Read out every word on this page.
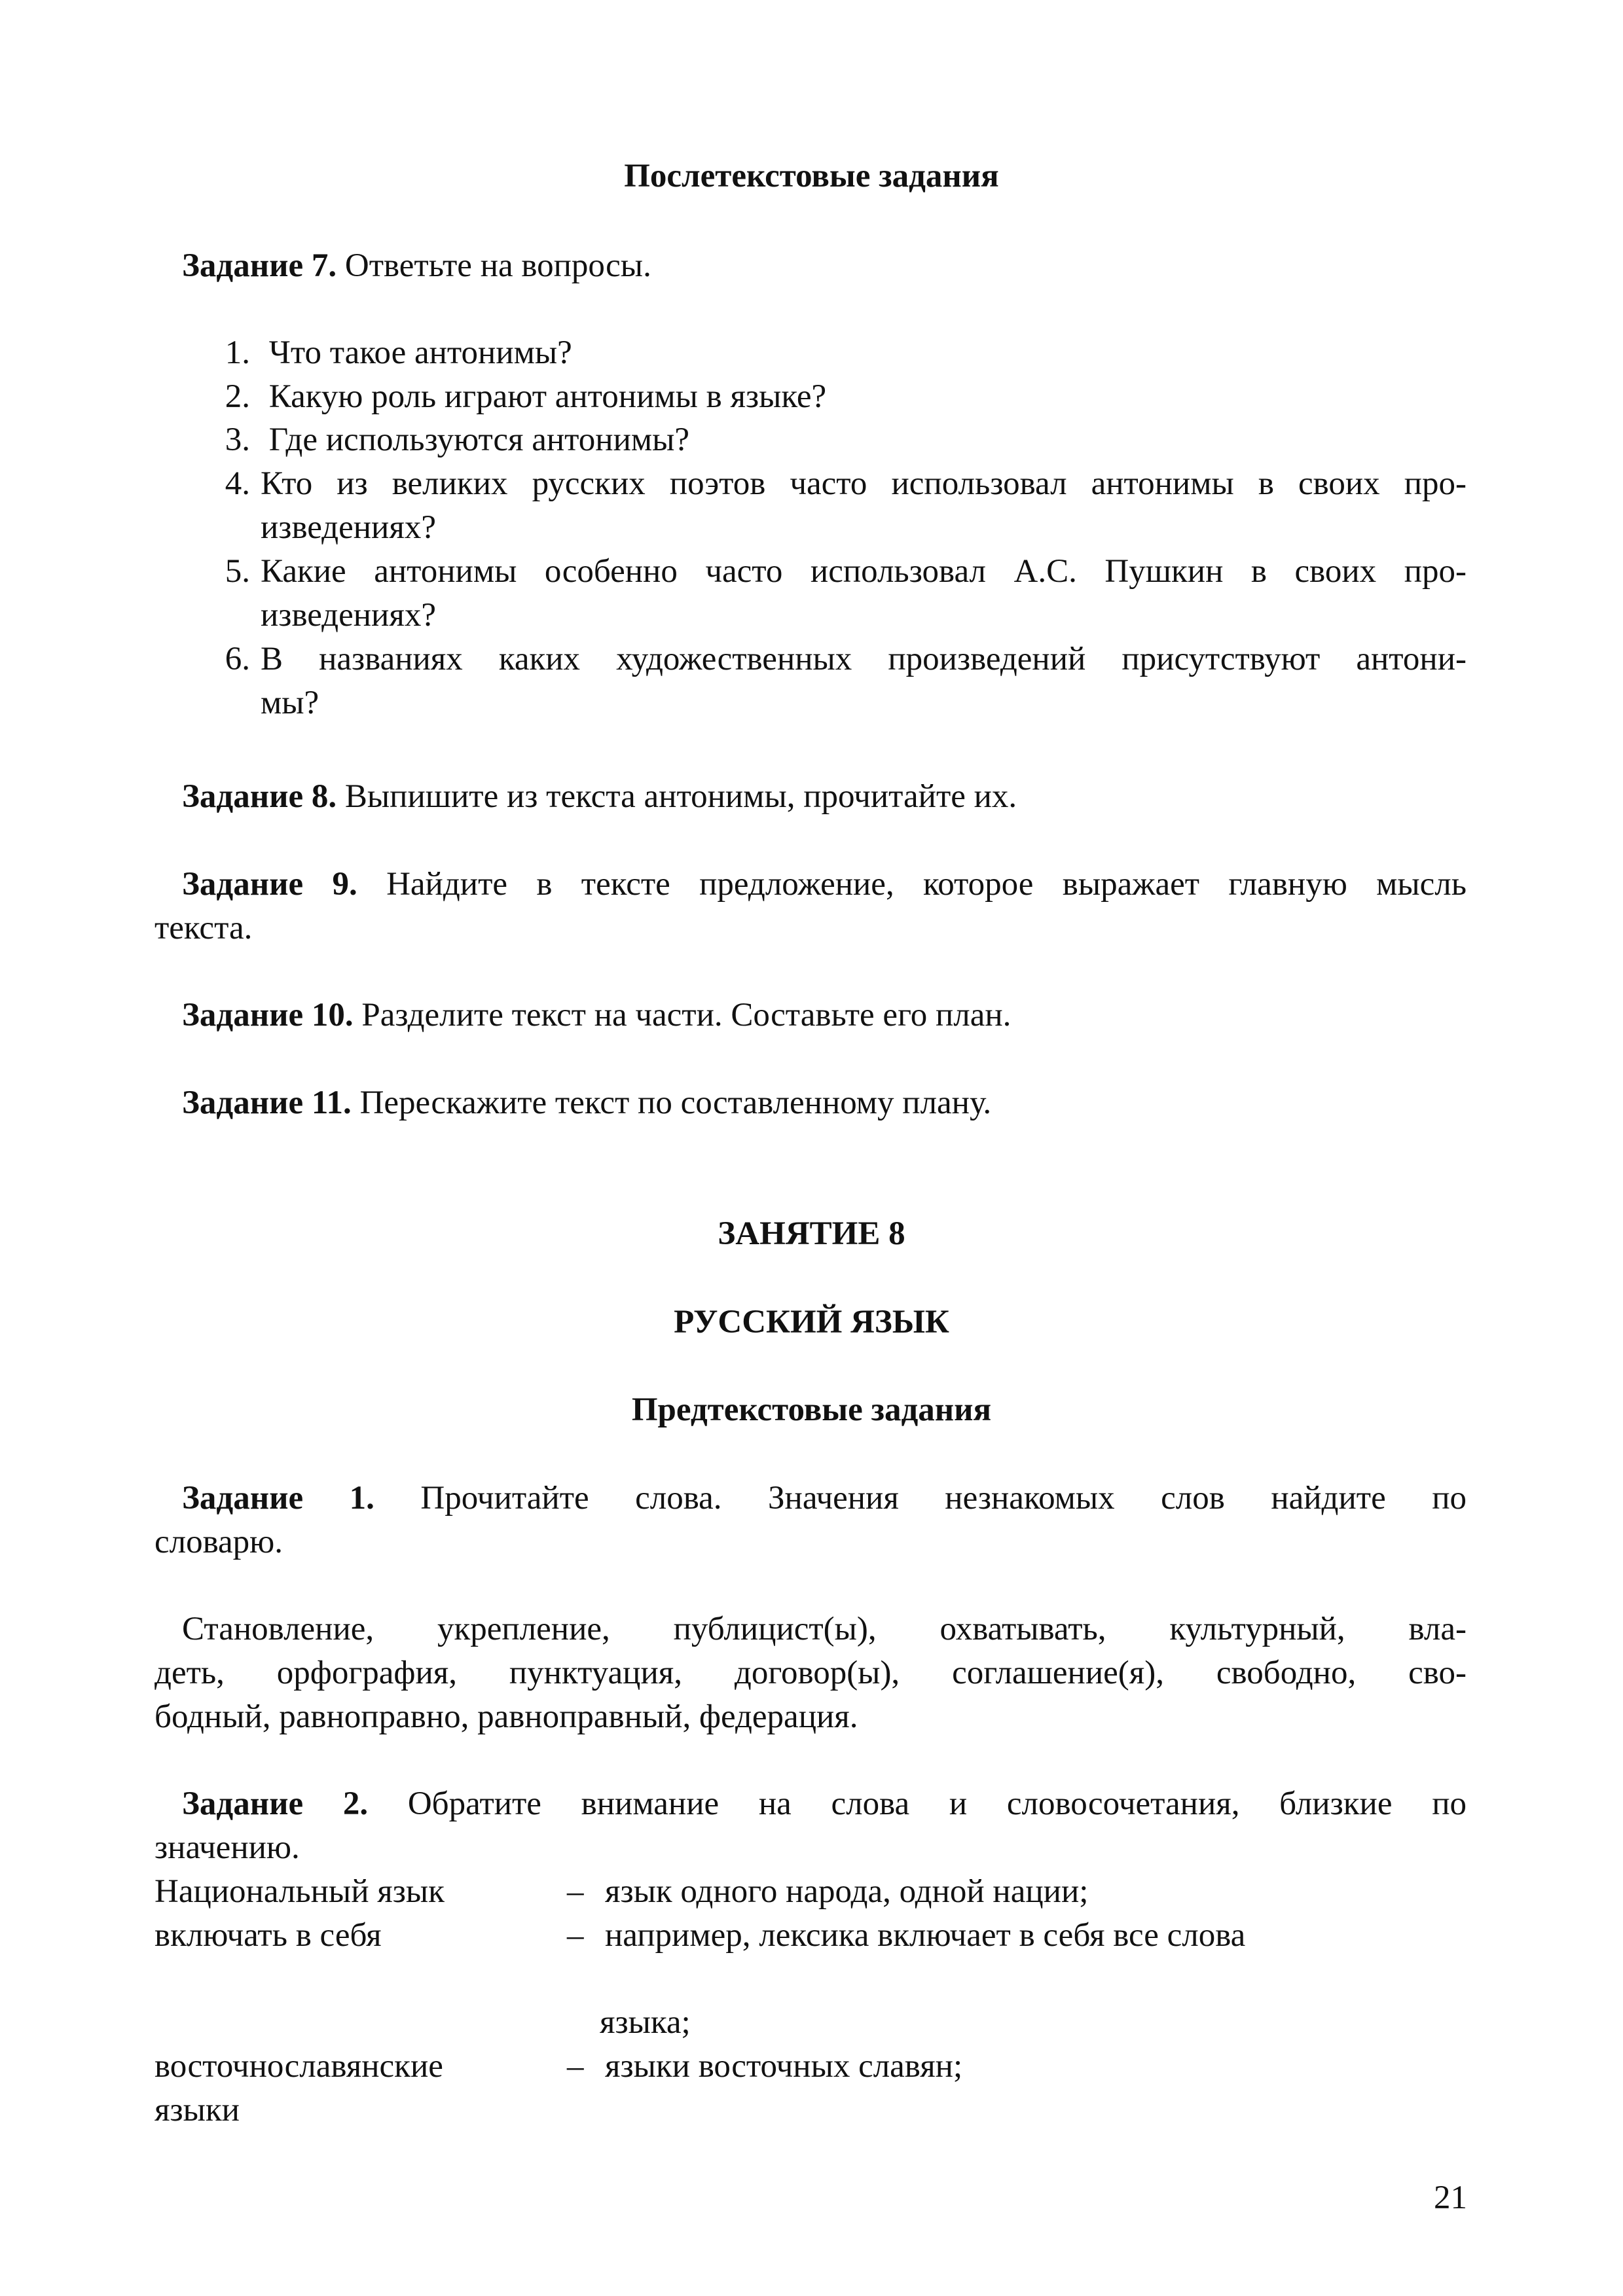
Послетекстовые задания
Задание 7. Ответьте на вопросы.
1. Что такое антонимы?
2. Какую роль играют антонимы в языке?
3. Где используются антонимы?
4. Кто из великих русских поэтов часто использовал антонимы в своих про-
изведениях?
5. Какие антонимы особенно часто использовал А.С. Пушкин в своих про-
изведениях?
6. В названиях каких художественных произведений присутствуют антони-
мы?
Задание 8. Выпишите из текста антонимы, прочитайте их.
Задание 9. Найдите в тексте предложение, которое выражает главную мысль
текста.
Задание 10. Разделите текст на части. Составьте его план.
Задание 11. Перескажите текст по составленному плану.
ЗАНЯТИЕ 8
РУССКИЙ ЯЗЫК
Предтекстовые задания
Задание 1. Прочитайте слова. Значения незнакомых слов найдите по
словарю.
Становление, укрепление, публицист(ы), охватывать, культурный, вла-
деть, орфография, пунктуация, договор(ы), соглашение(я), свободно, сво-
бодный, равноправно, равноправный, федерация.
Задание 2. Обратите внимание на слова и словосочетания, близкие по
значению.
Национальный язык	– язык одного народа, одной нации;
включать в себя	– например, лексика включает в себя все слова
языка;
восточнославянские	– языки восточных славян;
языки
21
